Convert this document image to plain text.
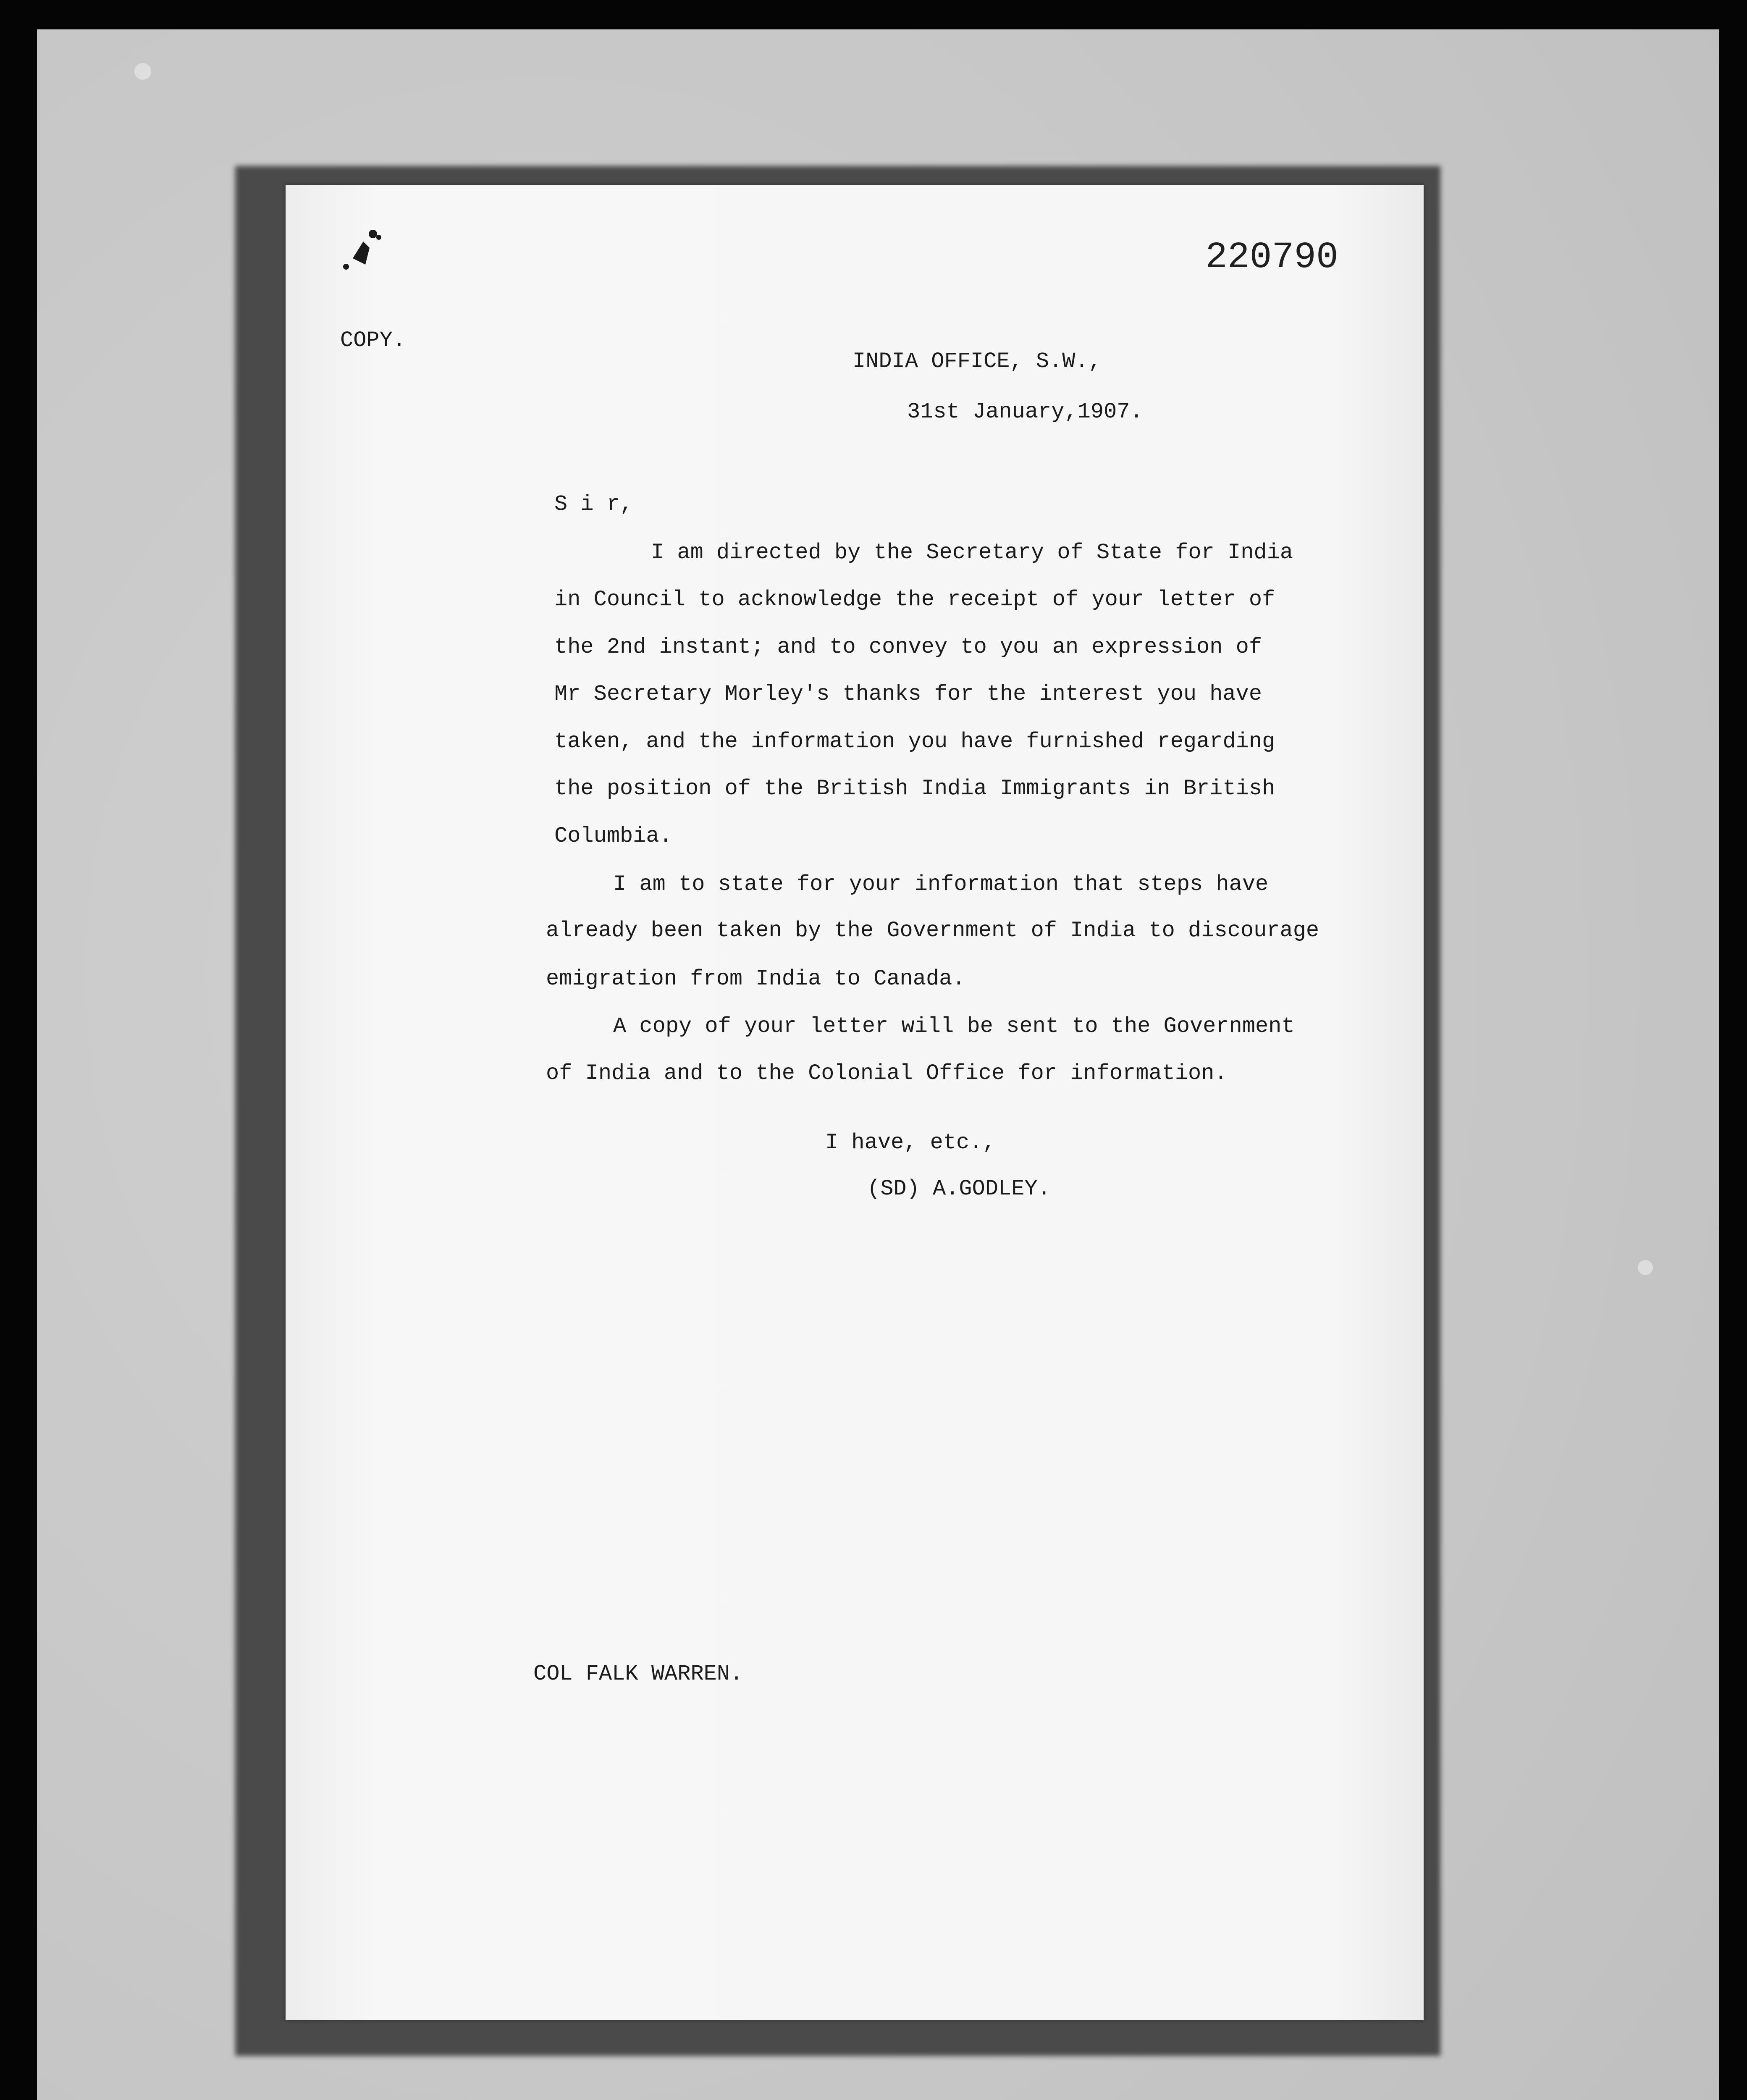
220790

COPY.

INDIA OFFICE, S.W.,

31st January,1907.

S i r,

I am directed by the Secretary of State for India

in Council to acknowledge the receipt of your letter of

the 2nd instant; and to convey to you an expression of

Mr Secretary Morley's thanks for the interest you have

taken, and the information you have furnished regarding

the position of the British India Immigrants in British

Columbia.

I am to state for your information that steps have

already been taken by the Government of India to discourage

emigration from India to Canada.

A copy of your letter will be sent to the Government

of India and to the Colonial Office for information.

I have, etc.,

(SD) A.GODLEY.

COL FALK WARREN.
